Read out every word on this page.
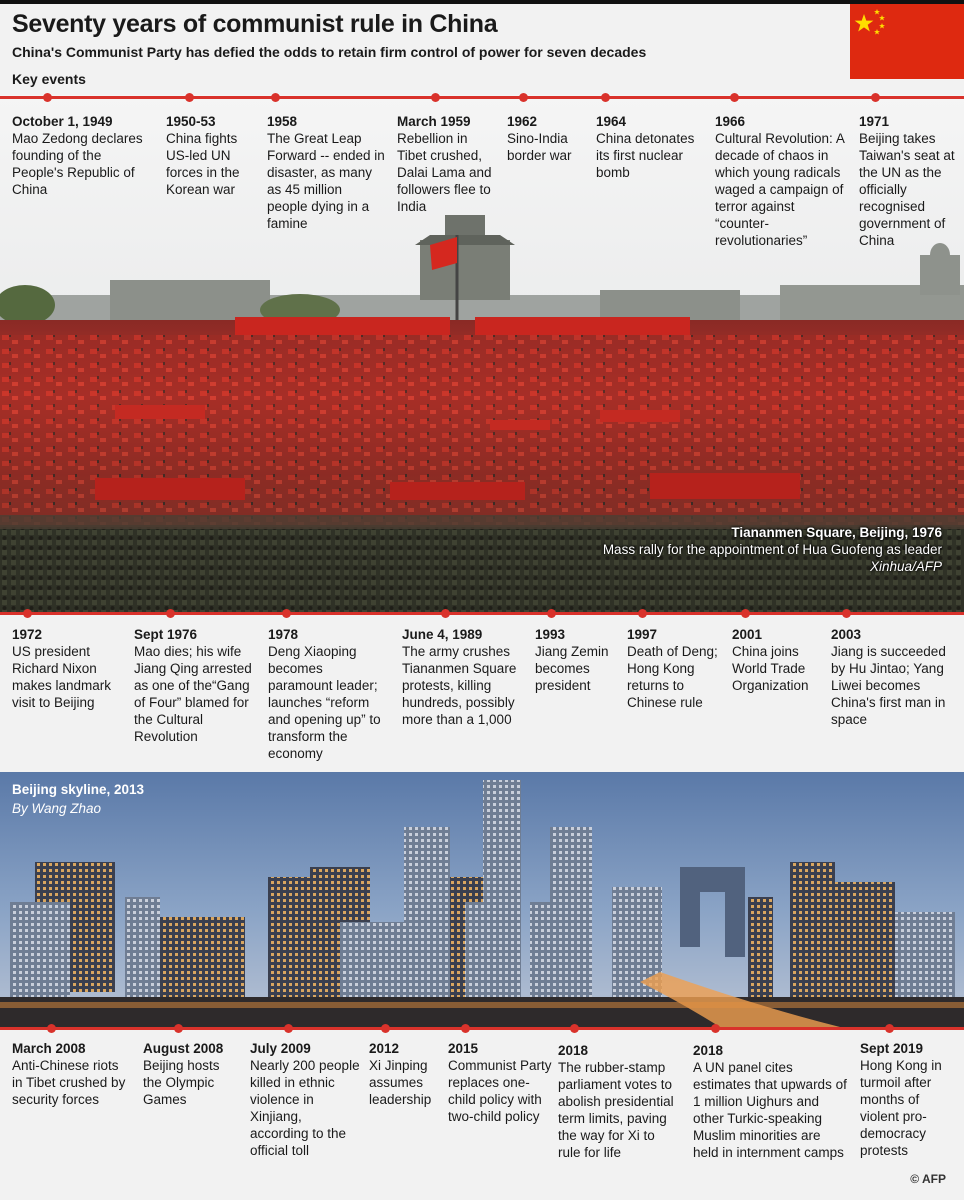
Seventy years of communist rule in China
China's Communist Party has defied the odds to retain firm control of power for seven decades
Key events
Tiananmen Square, Beijing, 1976
Mass rally for the appointment of Hua Guofeng as leader
Xinhua/AFP
Beijing skyline, 2013
By Wang Zhao
October 1, 1949
Mao Zedong declares founding of the People's Republic of China
1950-53
China fights US-led UN forces in the Korean war
1958
The Great Leap Forward -- ended in disaster, as many as 45 million people dying in a famine
March 1959
Rebellion in Tibet crushed, Dalai Lama and followers flee to India
1962
Sino-India border war
1964
China detonates its first nuclear bomb
1966
Cultural Revolution: A decade of chaos in which young radicals waged a campaign of terror against “counter-revolutionaries”
1971
Beijing takes Taiwan's seat at the UN as the officially recognised government of China
1972
US president Richard Nixon makes landmark visit to Beijing
Sept 1976
Mao dies; his wife Jiang Qing arrested as one of the“Gang of Four” blamed for the Cultural Revolution
1978
Deng Xiaoping becomes paramount leader; launches “reform and opening up” to transform the economy
June 4, 1989
The army crushes Tiananmen Square protests, killing hundreds, possibly more than a 1,000
1993
Jiang Zemin becomes president
1997
Death of Deng; Hong Kong returns to Chinese rule
2001
China joins World Trade Organization
2003
Jiang is succeeded by Hu Jintao; Yang Liwei becomes China's first man in space
March 2008
Anti-Chinese riots in Tibet crushed by security forces
August 2008
Beijing hosts the Olympic Games
July 2009
Nearly 200 people killed in ethnic violence in Xinjiang, according to the official toll
2012
Xi Jinping assumes leadership
2015
Communist Party replaces one-child policy with two-child policy
2018
The rubber-stamp parliament votes to abolish presidential term limits, paving the way for Xi to rule for life
2018
A UN panel cites estimates that upwards of 1 million Uighurs and other Turkic-speaking Muslim minorities are held in internment camps
Sept 2019
Hong Kong in turmoil after months of violent pro-democracy protests
© AFP
